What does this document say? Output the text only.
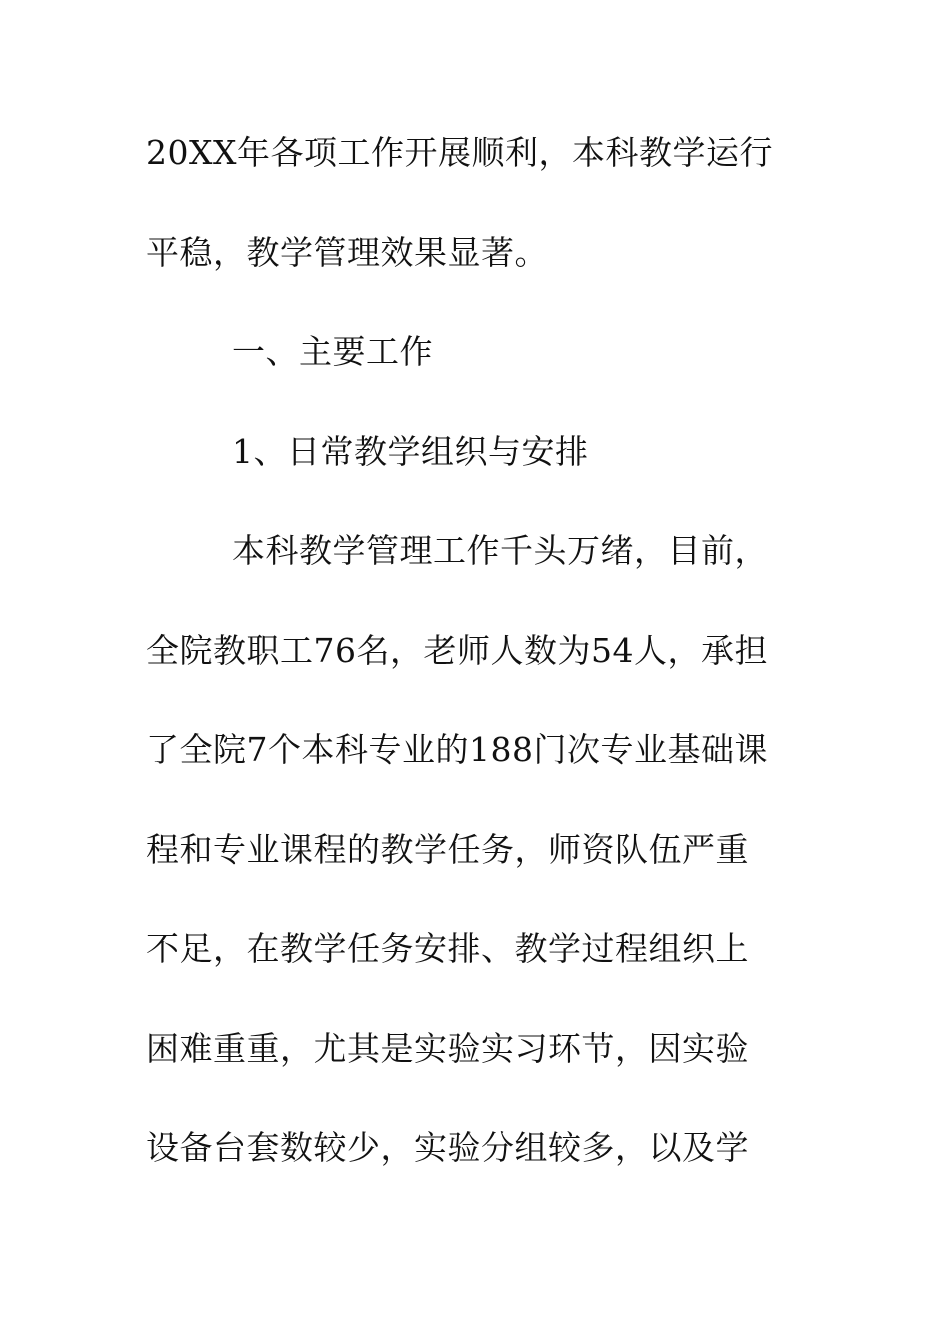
20XX年各项工作开展顺利，本科教学运行
平稳，教学管理效果显著。
一、主要工作
1、日常教学组织与安排
本科教学管理工作千头万绪，目前，
全院教职工76名，老师人数为54人，承担
了全院7个本科专业的188门次专业基础课
程和专业课程的教学任务，师资队伍严重
不足，在教学任务安排、教学过程组织上
困难重重，尤其是实验实习环节，因实验
设备台套数较少，实验分组较多，以及学
